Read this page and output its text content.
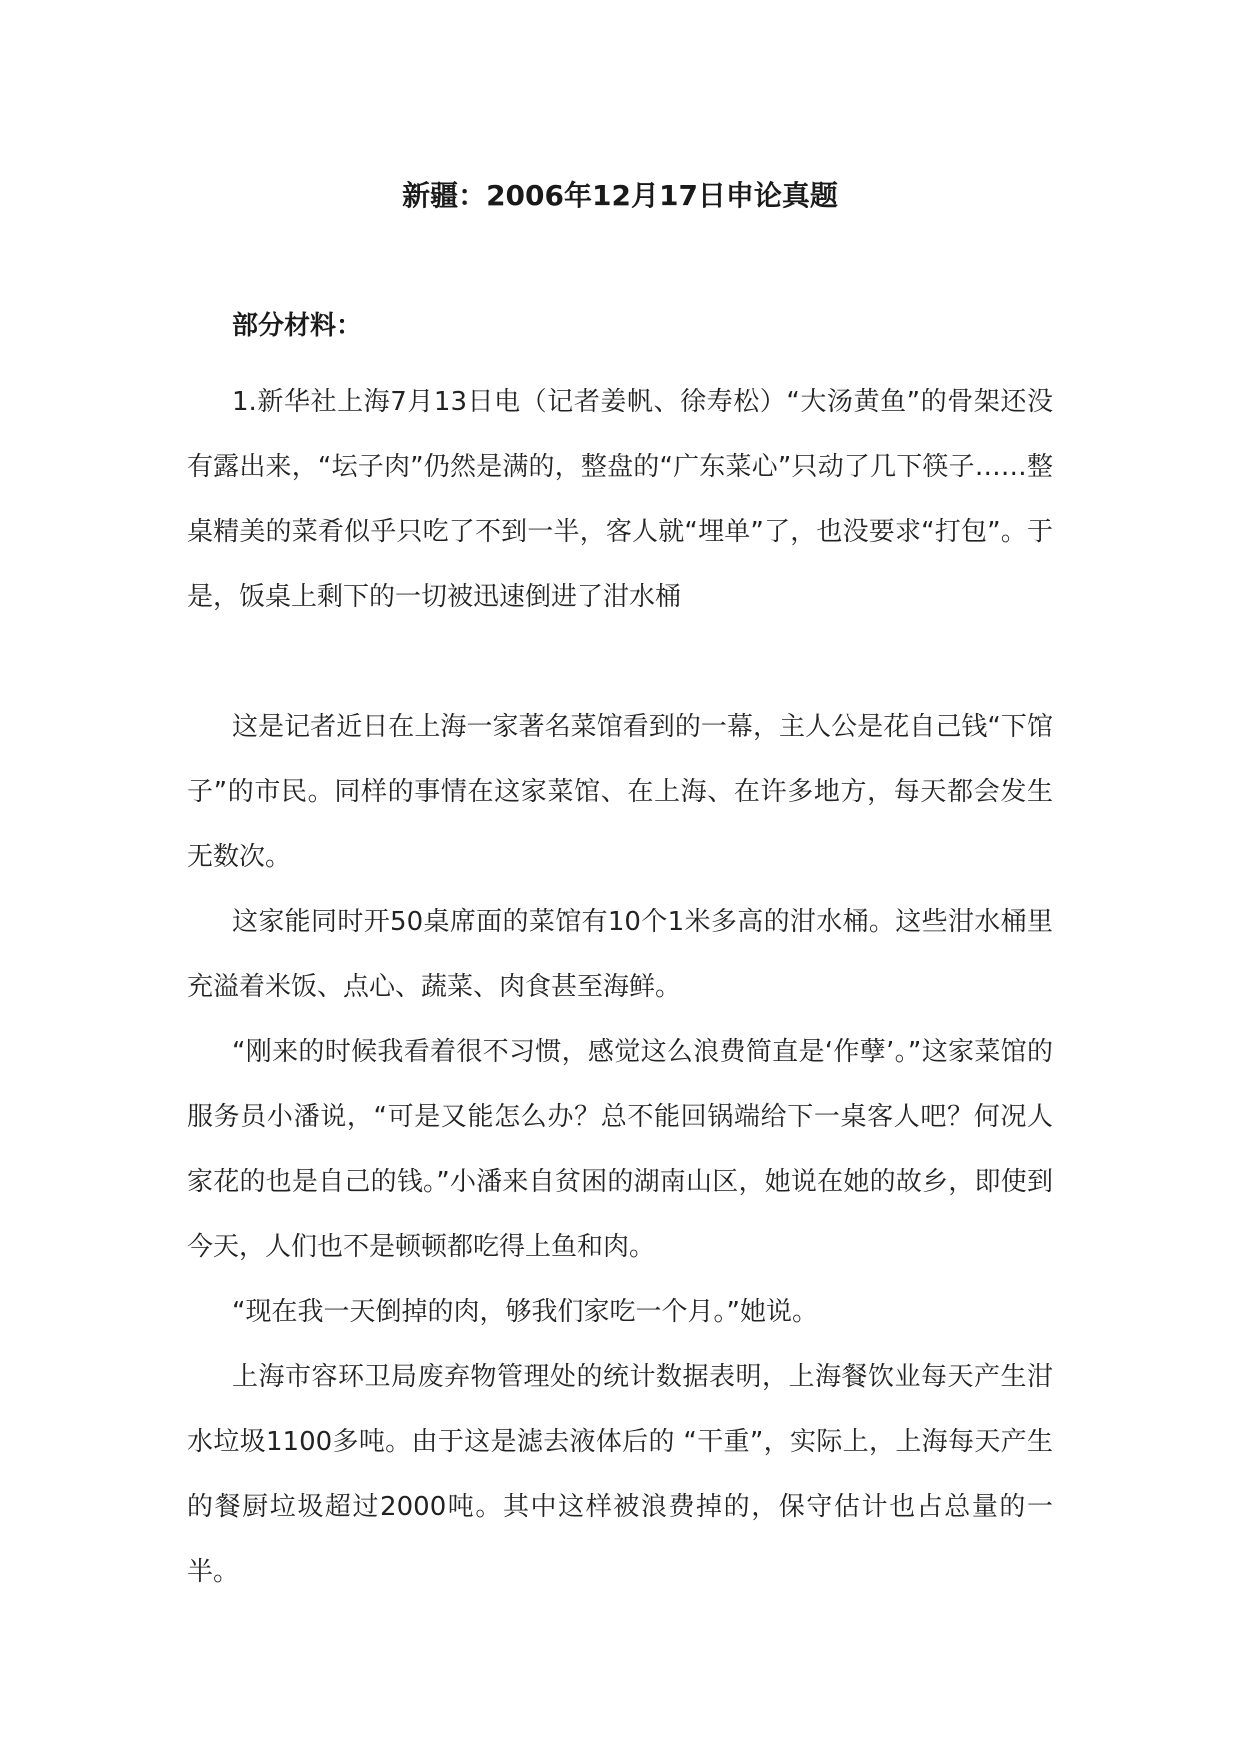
新疆：2006年12月17日申论真题
部分材料：

1.新华社上海7月13日电（记者姜帆、徐寿松）“大汤黄鱼”的骨架还没有露出来，“坛子肉”仍然是满的，整盘的“广东菜心”只动了几下筷子……整桌精美的菜肴似乎只吃了不到一半，客人就“埋单”了，也没要求“打包”。于是，饭桌上剩下的一切被迅速倒进了泔水桶

这是记者近日在上海一家著名菜馆看到的一幕，主人公是花自己钱“下馆子”的市民。同样的事情在这家菜馆、在上海、在许多地方，每天都会发生无数次。

这家能同时开50桌席面的菜馆有10个1米多高的泔水桶。这些泔水桶里充溢着米饭、点心、蔬菜、肉食甚至海鲜。

“刚来的时候我看着很不习惯，感觉这么浪费简直是‘作孽’。”这家菜馆的服务员小潘说，“可是又能怎么办？总不能回锅端给下一桌客人吧？何况人家花的也是自己的钱。”小潘来自贫困的湖南山区，她说在她的故乡，即使到今天，人们也不是顿顿都吃得上鱼和肉。

“现在我一天倒掉的肉，够我们家吃一个月。”她说。

上海市容环卫局废弃物管理处的统计数据表明，上海餐饮业每天产生泔水垃圾1100多吨。由于这是滤去液体后的 “干重”，实际上，上海每天产生的餐厨垃圾超过2000吨。其中这样被浪费掉的，保守估计也占总量的一半。
